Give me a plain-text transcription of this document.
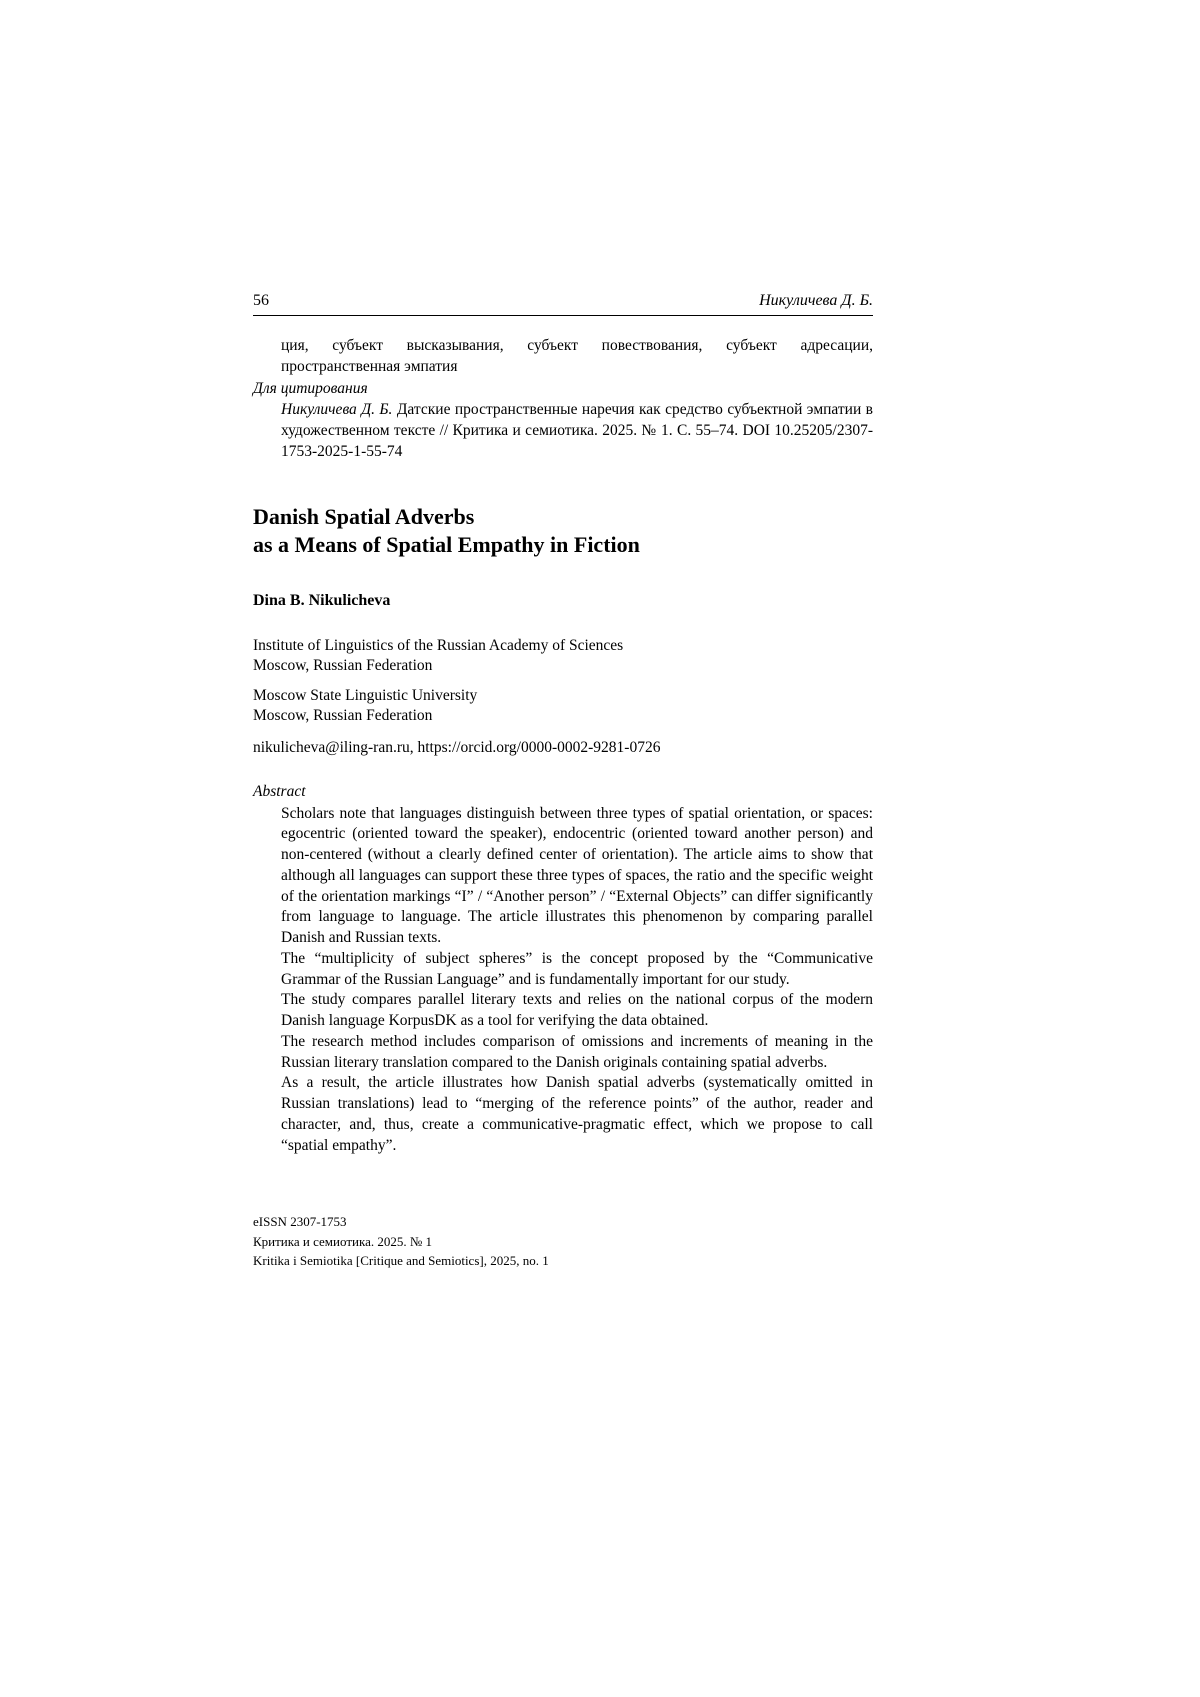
56	Никуличева Д. Б.

ция, субъект высказывания, субъект повествования, субъект адресации, пространственная эмпатия

Для цитирования

Никуличева Д. Б. Датские пространственные наречия как средство субъектной эмпатии в художественном тексте // Критика и семиотика. 2025. № 1. С. 55–74. DOI 10.25205/2307-1753-2025-1-55-74

Danish Spatial Adverbs
as a Means of Spatial Empathy in Fiction

Dina B. Nikulicheva

Institute of Linguistics of the Russian Academy of Sciences
Moscow, Russian Federation

Moscow State Linguistic University
Moscow, Russian Federation

nikulicheva@iling-ran.ru, https://orcid.org/0000-0002-9281-0726

Abstract

Scholars note that languages distinguish between three types of spatial orientation, or spaces: egocentric (oriented toward the speaker), endocentric (oriented toward another person) and non-centered (without a clearly defined center of orientation). The article aims to show that although all languages can support these three types of spaces, the ratio and the specific weight of the orientation markings “I” / “Another person” / “External Objects” can differ significantly from language to language. The article illustrates this phenomenon by comparing parallel Danish and Russian texts.

The “multiplicity of subject spheres” is the concept proposed by the “Communicative Grammar of the Russian Language” and is fundamentally important for our study.

The study compares parallel literary texts and relies on the national corpus of the modern Danish language KorpusDK as a tool for verifying the data obtained.

The research method includes comparison of omissions and increments of meaning in the Russian literary translation compared to the Danish originals containing spatial adverbs.

As a result, the article illustrates how Danish spatial adverbs (systematically omitted in Russian translations) lead to “merging of the reference points” of the author, reader and character, and, thus, create a communicative-pragmatic effect, which we propose to call “spatial empathy”.

eISSN 2307-1753
Критика и семиотика. 2025. № 1
Kritika i Semiotika [Critique and Semiotics], 2025, no. 1
